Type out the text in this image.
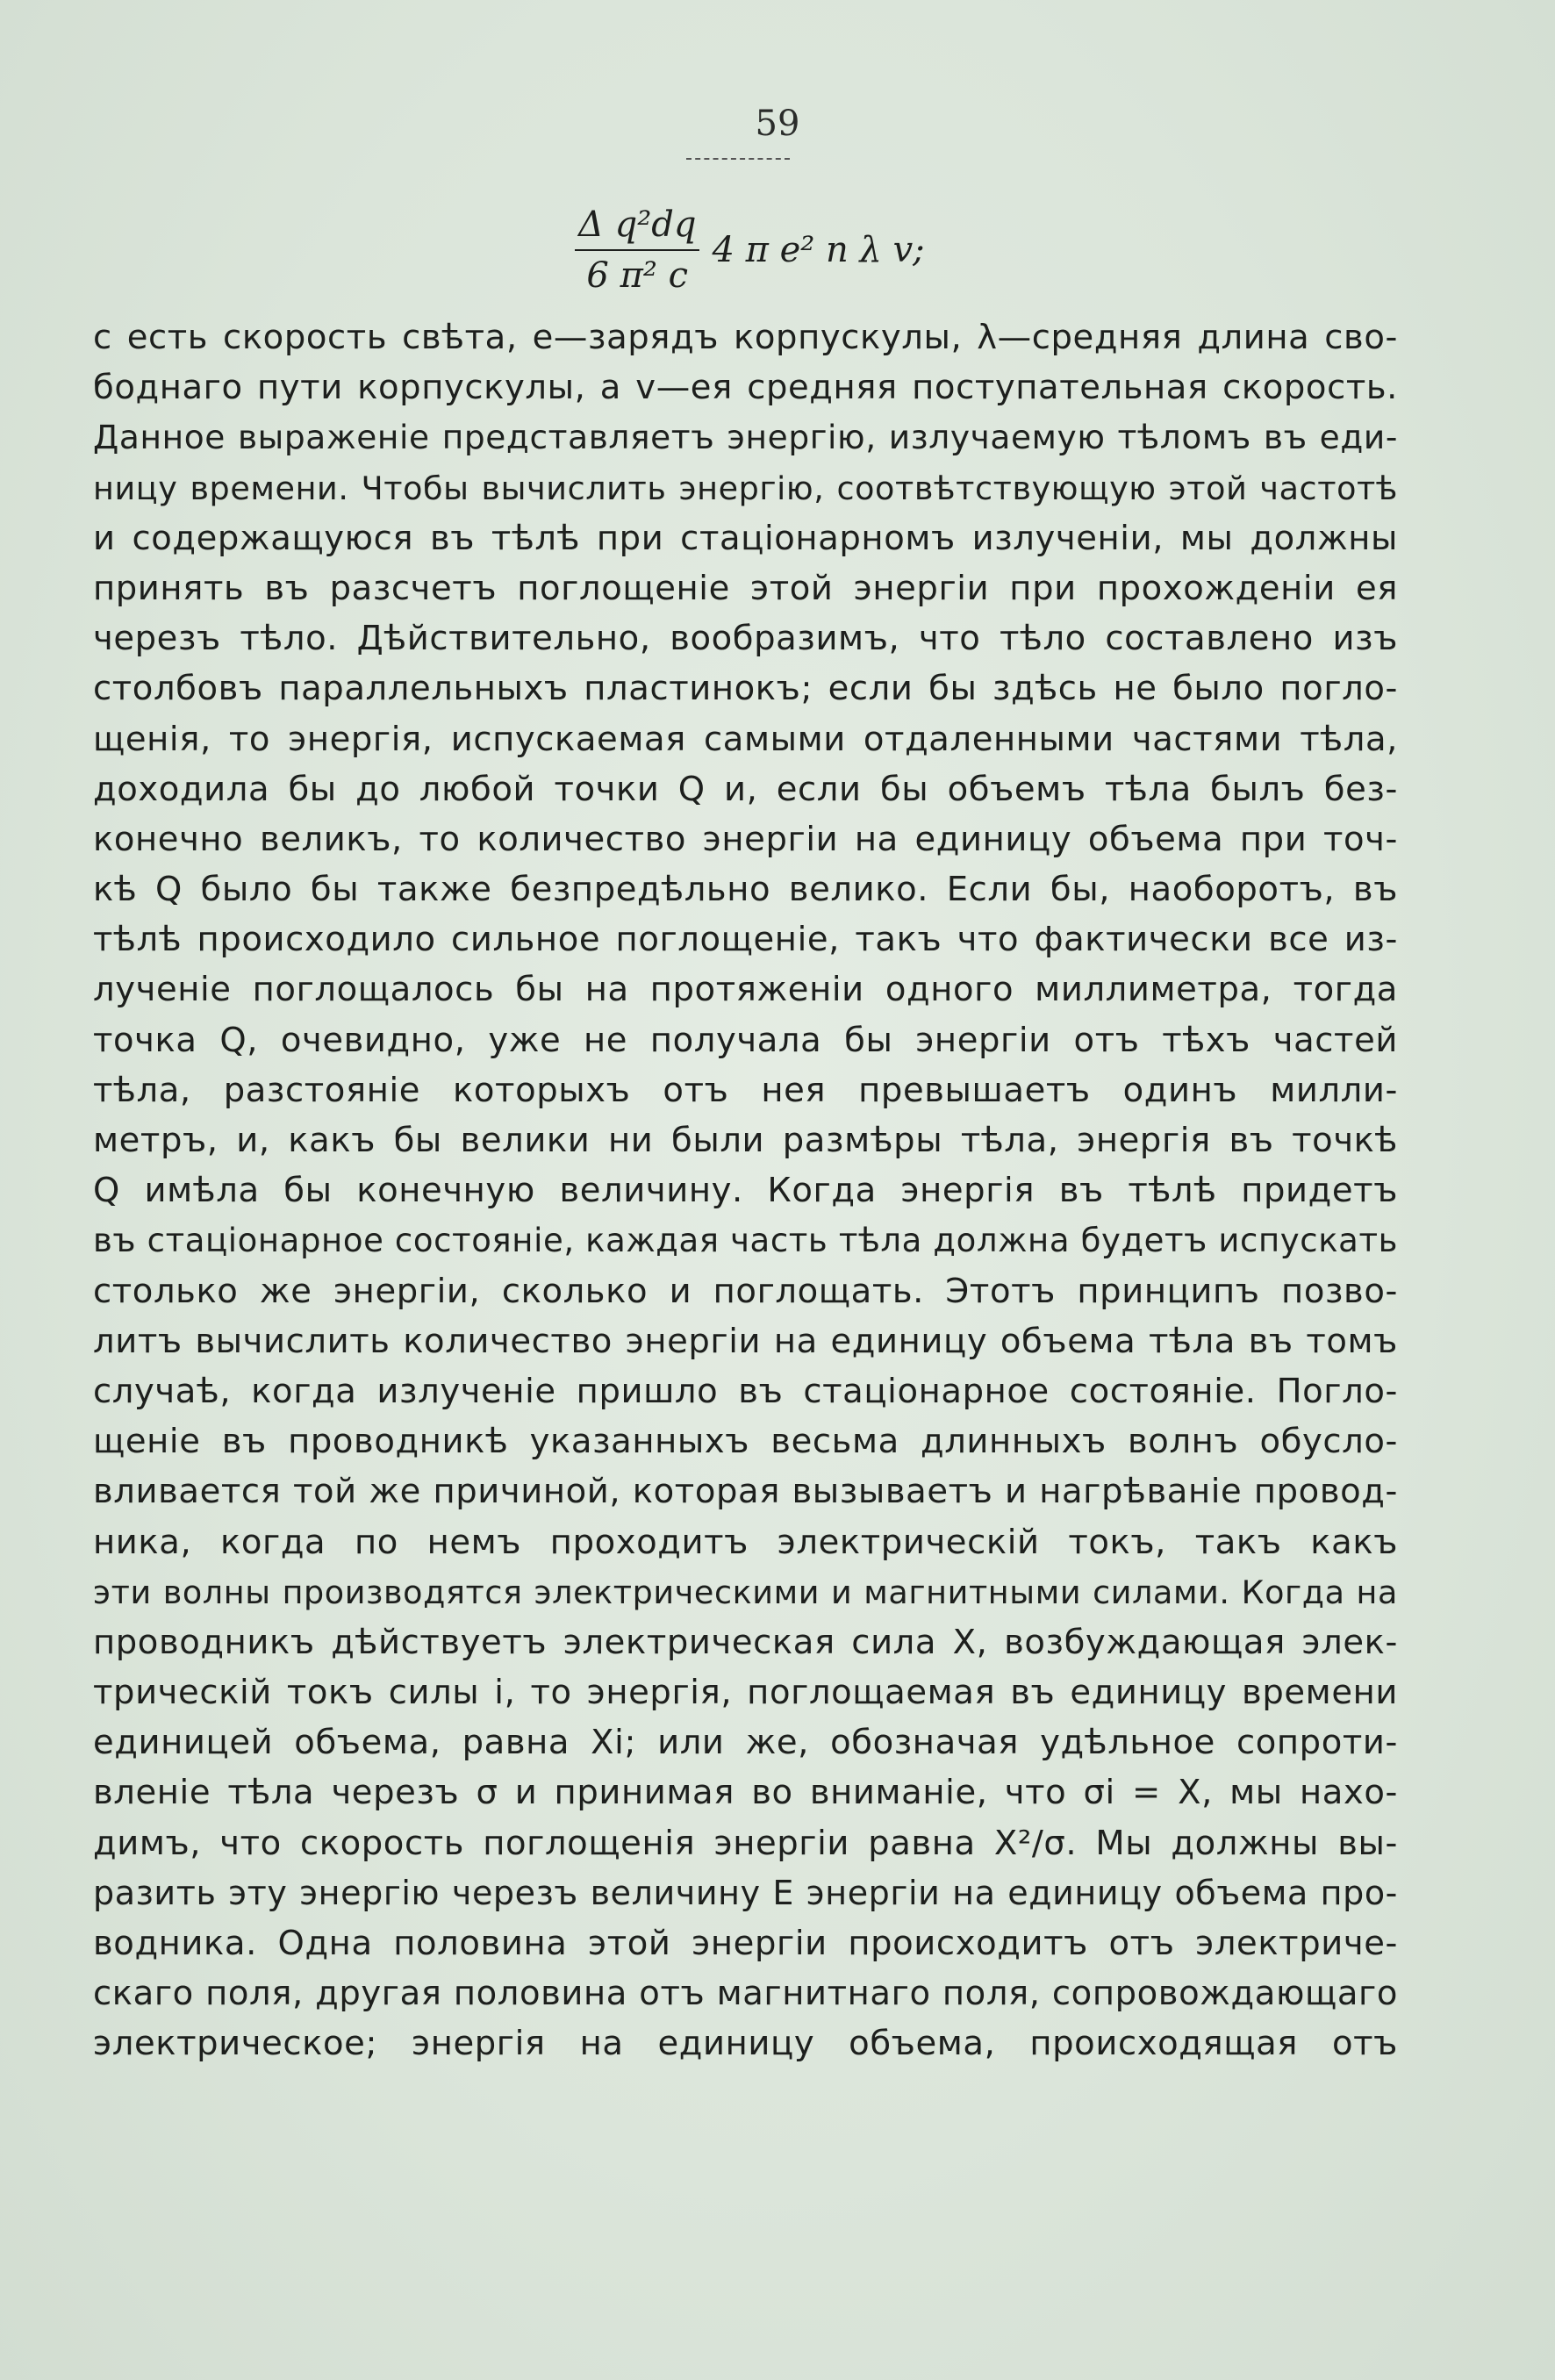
59
$\frac{\text{Δ q²dq}}{\text{6 π² c}} 4$ π e² n λ v;
c есть скорость свѣта, e—зарядъ корпускулы, λ—средняя длина сво-
боднаго пути корпускулы, а v—ея средняя поступательная скорость.
Данное выраженіе представляетъ энергію, излучаемую тѣломъ въ еди-
ницу времени. Чтобы вычислить энергію, соотвѣтствующую этой частотѣ
и содержащуюся въ тѣлѣ при стаціонарномъ излученіи, мы должны
принять въ разсчетъ поглощеніе этой энергіи при прохожденіи ея
черезъ тѣло. Дѣйствительно, вообразимъ, что тѣло составлено изъ
столбовъ параллельныхъ пластинокъ; если бы здѣсь не было погло-
щенія, то энергія, испускаемая самыми отдаленными частями тѣла,
доходила бы до любой точки Q и, если бы объемъ тѣла былъ без-
конечно великъ, то количество энергіи на единицу объема при точ-
кѣ Q было бы также безпредѣльно велико. Если бы, наоборотъ, въ
тѣлѣ происходило сильное поглощеніе, такъ что фактически все из-
лученіе поглощалось бы на протяженіи одного миллиметра, тогда
точка Q, очевидно, уже не получала бы энергіи отъ тѣхъ частей
тѣла, разстояніе которыхъ отъ нея превышаетъ одинъ милли-
метръ, и, какъ бы велики ни были размѣры тѣла, энергія въ точкѣ
Q имѣла бы конечную величину. Когда энергія въ тѣлѣ придетъ
въ стаціонарное состояніе, каждая часть тѣла должна будетъ испускать
столько же энергіи, сколько и поглощать. Этотъ принципъ позво-
литъ вычислить количество энергіи на единицу объема тѣла въ томъ
случаѣ, когда излученіе пришло въ стаціонарное состояніе. Погло-
щеніе въ проводникѣ указанныхъ весьма длинныхъ волнъ обусло-
вливается той же причиной, которая вызываетъ и нагрѣваніе провод-
ника, когда по немъ проходитъ электрическій токъ, такъ какъ
эти волны производятся электрическими и магнитными силами. Когда на
проводникъ дѣйствуетъ электрическая сила X, возбуждающая элек-
трическій токъ силы i, то энергія, поглощаемая въ единицу времени
единицей объема, равна Xi; или же, обозначая удѣльное сопроти-
вленіе тѣла черезъ σ и принимая во вниманіе, что σi = X, мы нахо-
димъ, что скорость поглощенія энергіи равна X²/σ. Мы должны вы-
разить эту энергію черезъ величину E энергіи на единицу объема про-
водника. Одна половина этой энергіи происходитъ отъ электриче-
скаго поля, другая половина отъ магнитнаго поля, сопровождающаго
электрическое; энергія на единицу объема, происходящая отъ
